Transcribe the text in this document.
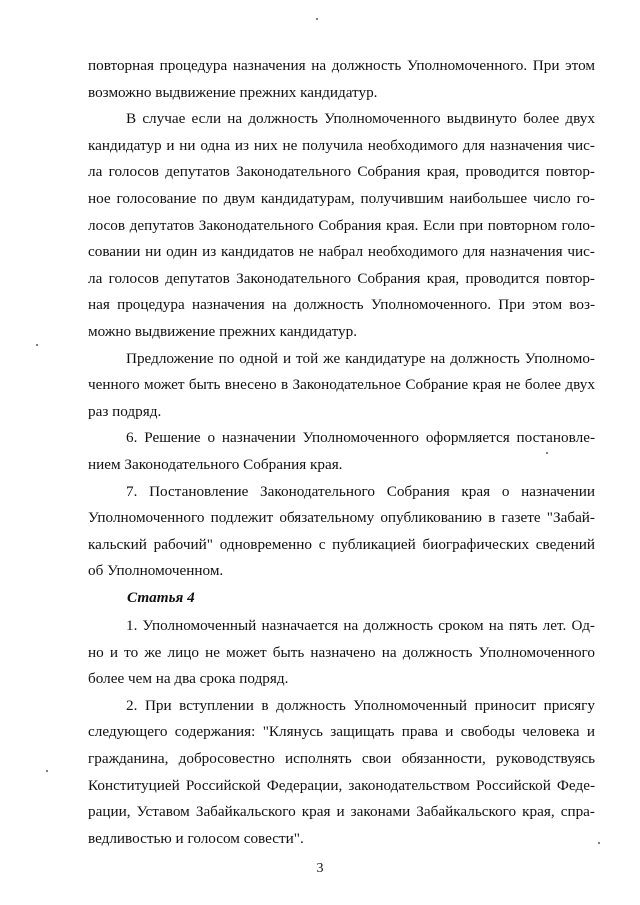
повторная процедура назначения на должность Уполномоченного. При этом
возможно выдвижение прежних кандидатур.
В случае если на должность Уполномоченного выдвинуто более двух
кандидатур и ни одна из них не получила необходимого для назначения чис-
ла голосов депутатов Законодательного Собрания края, проводится повтор-
ное голосование по двум кандидатурам, получившим наибольшее число го-
лосов депутатов Законодательного Собрания края. Если при повторном голо-
совании ни один из кандидатов не набрал необходимого для назначения чис-
ла голосов депутатов Законодательного Собрания края, проводится повтор-
ная процедура назначения на должность Уполномоченного. При этом воз-
можно выдвижение прежних кандидатур.
Предложение по одной и той же кандидатуре на должность Уполномо-
ченного может быть внесено в Законодательное Собрание края не более двух
раз подряд.
6. Решение о назначении Уполномоченного оформляется постановле-
нием Законодательного Собрания края.
7. Постановление Законодательного Собрания края о назначении
Уполномоченного подлежит обязательному опубликованию в газете "Забай-
кальский рабочий" одновременно с публикацией биографических сведений
об Уполномоченном.
Статья 4
1. Уполномоченный назначается на должность сроком на пять лет. Од-
но и то же лицо не может быть назначено на должность Уполномоченного
более чем на два срока подряд.
2. При вступлении в должность Уполномоченный приносит присягу
следующего содержания: "Клянусь защищать права и свободы человека и
гражданина, добросовестно исполнять свои обязанности, руководствуясь
Конституцией Российской Федерации, законодательством Российской Феде-
рации, Уставом Забайкальского края и законами Забайкальского края, спра-
ведливостью и голосом совести".
3
